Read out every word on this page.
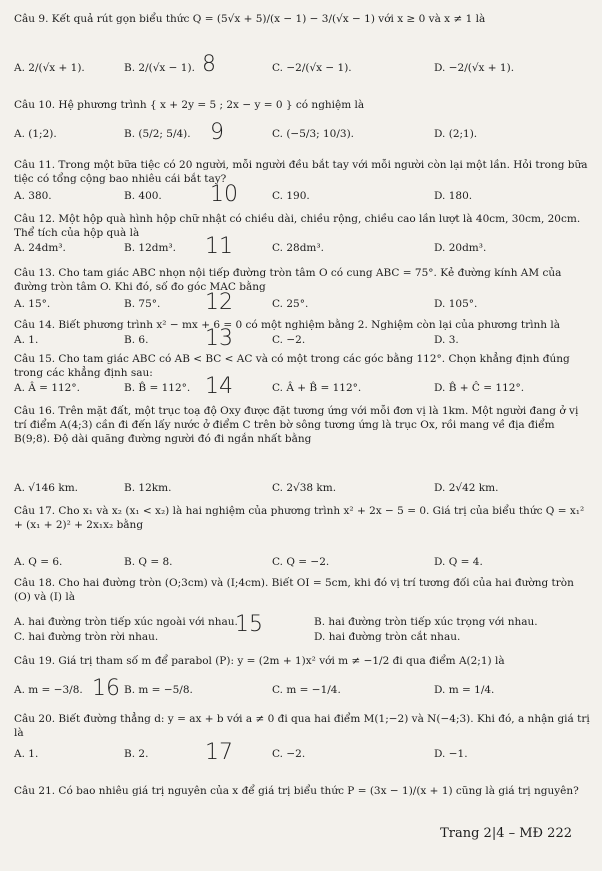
Câu 9. Kết quả rút gọn biểu thức Q = (5√x + 5)/(x − 1) − 3/(√x − 1) với x ≥ 0 và x ≠ 1 là
A. 2/(√x + 1).	B. 2/(√x − 1).	C. −2/(√x − 1).	D. −2/(√x + 1).
8
Câu 10. Hệ phương trình { x + 2y = 5 ; 2x − y = 0 } có nghiệm là
A. (1;2).	B. (5/2; 5/4).	C. (−5/3; 10/3).	D. (2;1).
9
Câu 11. Trong một bữa tiệc có 20 người, mỗi người đều bắt tay với mỗi người còn lại một lần. Hỏi trong bữa tiệc có tổng cộng bao nhiêu cái bắt tay?
A. 380.	B. 400.	C. 190.	D. 180.
10
Câu 12. Một hộp quà hình hộp chữ nhật có chiều dài, chiều rộng, chiều cao lần lượt là 40cm, 30cm, 20cm. Thể tích của hộp quà là
A. 24dm³.	B. 12dm³.	C. 28dm³.	D. 20dm³.
11
Câu 13. Cho tam giác ABC nhọn nội tiếp đường tròn tâm O có cung ABC = 75°. Kẻ đường kính AM của đường tròn tâm O. Khi đó, số đo góc MAC bằng
A. 15°.	B. 75°.	C. 25°.	D. 105°.
12
Câu 14. Biết phương trình x² − mx + 6 = 0 có một nghiệm bằng 2. Nghiệm còn lại của phương trình là
A. 1.	B. 6.	C. −2.	D. 3.
13
Câu 15. Cho tam giác ABC có AB < BC < AC và có một trong các góc bằng 112°. Chọn khẳng định đúng trong các khẳng định sau:
A. Â = 112°.	B. B̂ = 112°.	C. Â + B̂ = 112°.	D. B̂ + Ĉ = 112°.
14
Câu 16. Trên mặt đất, một trục toạ độ Oxy được đặt tương ứng với mỗi đơn vị là 1km. Một người đang ở vị trí điểm A(4;3) cần đi đến lấy nước ở điểm C trên bờ sông tương ứng là trục Ox, rồi mang về địa điểm B(9;8). Độ dài quãng đường người đó đi ngắn nhất bằng
A. √146 km.	B. 12km.	C. 2√38 km.	D. 2√42 km.
Câu 17. Cho x₁ và x₂ (x₁ < x₂) là hai nghiệm của phương trình x² + 2x − 5 = 0. Giá trị của biểu thức Q = x₁² + (x₁ + 2)² + 2x₁x₂ bằng
A. Q = 6.	B. Q = 8.	C. Q = −2.	D. Q = 4.
Câu 18. Cho hai đường tròn (O;3cm) và (I;4cm). Biết OI = 5cm, khi đó vị trí tương đối của hai đường tròn (O) và (I) là
A. hai đường tròn tiếp xúc ngoài với nhau.	B. hai đường tròn tiếp xúc trọng với nhau.
C. hai đường tròn rời nhau.	D. hai đường tròn cắt nhau.
15
Câu 19. Giá trị tham số m để parabol (P): y = (2m + 1)x² với m ≠ −1/2 đi qua điểm A(2;1) là
A. m = −3/8.	B. m = −5/8.	C. m = −1/4.	D. m = 1/4.
16
Câu 20. Biết đường thẳng d: y = ax + b với a ≠ 0 đi qua hai điểm M(1;−2) và N(−4;3). Khi đó, a nhận giá trị là
A. 1.	B. 2.	C. −2.	D. −1.
17
Câu 21. Có bao nhiêu giá trị nguyên của x để giá trị biểu thức P = (3x − 1)/(x + 1) cũng là giá trị nguyên?
Trang 2|4 – MĐ 222
